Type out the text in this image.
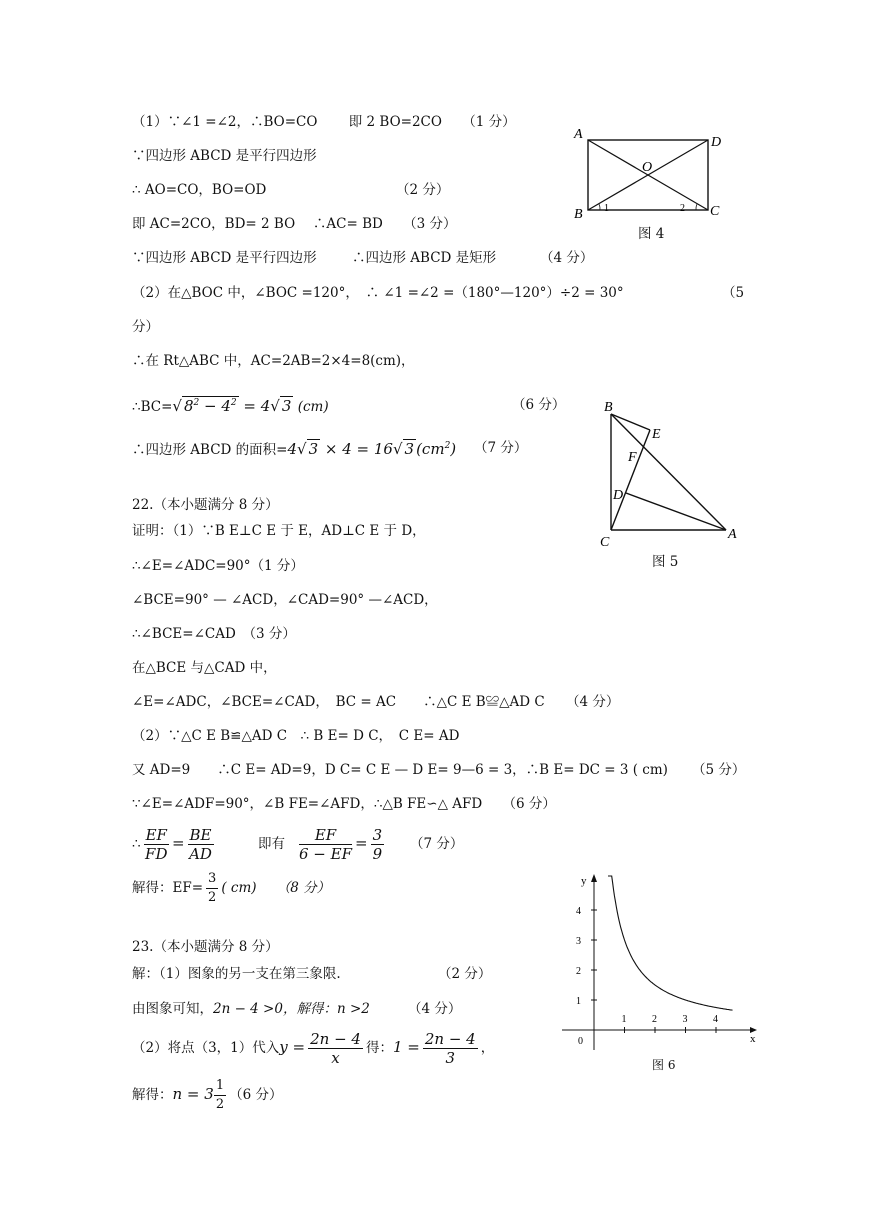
（1）∵∠1 =∠2，∴BO=CO　　 即 2 BO=2CO　　（1 分）
∵四边形 ABCD 是平行四边形
∴ AO=CO，BO=OD	（2 分）
即 AC=2CO，BD= 2 BO　 ∴AC= BD　　（3 分）
∵四边形 ABCD 是平行四边形	∴四边形 ABCD 是矩形	（4 分）
（2）在△BOC 中，∠BOC =120°，　∴ ∠1 =∠2 =（180°—120°）÷2 = 30°	（5
分）
∴在 Rt△ABC 中，AC=2AB=2×4=8(cm)，
∴BC=√ $8^2 - 4^2 = 4√$ 3 (cm)	（6 分）
∴四边形 ABCD 的面积=4√ 3 × 4 = 16√ 3 $(cm^2)$ （7 分）
22.（本小题满分 8 分）
证明：（1）∵B E⊥C E 于 E，AD⊥C E 于 D，
∴∠E=∠ADC=90°（1 分）
∠BCE=90° — ∠ACD，∠CAD=90° —∠ACD，
∴∠BCE=∠CAD　（3 分）
在△BCE 与△CAD 中，
∠E=∠ADC，∠BCE=∠CAD，　BC = AC　　∴△C E B≌△AD C （4 分）
（2）∵△C E B≌△AD C　∴ B E= D C，　C E= AD
又 AD=9　　∴C E= AD=9，D C= C E — D E= 9—6 = 3，∴B E= DC = 3 ( cm) （5 分）
∵∠E=∠ADF=90°，∠B FE=∠AFD，∴△B FE∽△ AFD　　（6 分）
∴ $\frac{EF}{FD} = \frac{BE}{AD}$	即有 $\frac{EF}{6 - EF} = \frac{3}{9} (7$ 分）
解得：$EF= \frac{3}{2}$ ( cm)　　（8 分）
23.（本小题满分 8 分）
解：（1）图象的另一支在第三象限.	（2 分）
由图象可知，2n − 4 >0，解得：n >2	（4 分）
（2）将点（3，1）代入$y = \frac{2n - 4}{x}$ 得：$1 = \frac{2n - 4}{3}$ ，
解得：$n = 3 \frac{1}{2} (6$ 分）
A
D
B	C
O
1	2
图 4
B
E
F
D
C
A
图 5
x
y
0
1	2	3	4
1
2
3
4
图 6
